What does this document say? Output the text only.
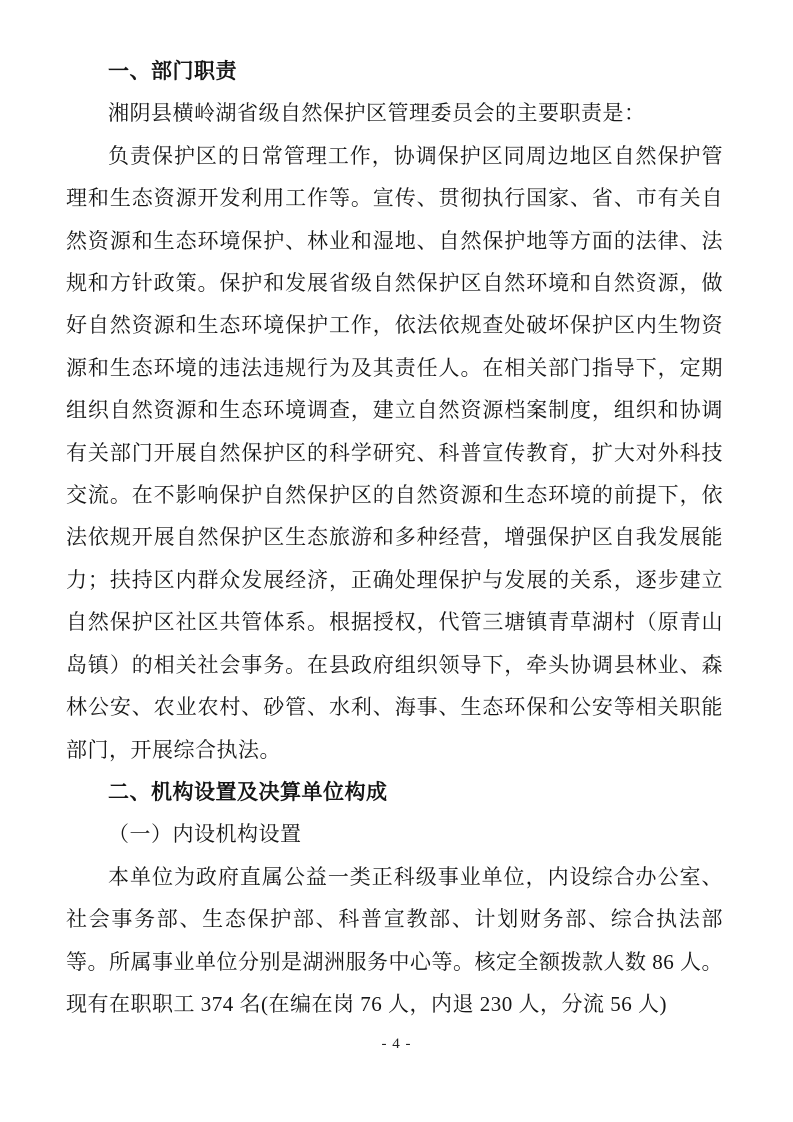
一、部门职责
湘阴县横岭湖省级自然保护区管理委员会的主要职责是：
负责保护区的日常管理工作，协调保护区同周边地区自然保护管理和生态资源开发利用工作等。宣传、贯彻执行国家、省、市有关自然资源和生态环境保护、林业和湿地、自然保护地等方面的法律、法规和方针政策。保护和发展省级自然保护区自然环境和自然资源，做好自然资源和生态环境保护工作，依法依规查处破坏保护区内生物资源和生态环境的违法违规行为及其责任人。在相关部门指导下，定期组织自然资源和生态环境调查，建立自然资源档案制度，组织和协调有关部门开展自然保护区的科学研究、科普宣传教育，扩大对外科技交流。在不影响保护自然保护区的自然资源和生态环境的前提下，依法依规开展自然保护区生态旅游和多种经营，增强保护区自我发展能力；扶持区内群众发展经济，正确处理保护与发展的关系，逐步建立自然保护区社区共管体系。根据授权，代管三塘镇青草湖村（原青山岛镇）的相关社会事务。在县政府组织领导下，牵头协调县林业、森林公安、农业农村、砂管、水利、海事、生态环保和公安等相关职能部门，开展综合执法。
二、机构设置及决算单位构成
（一）内设机构设置
本单位为政府直属公益一类正科级事业单位，内设综合办公室、社会事务部、生态保护部、科普宣教部、计划财务部、综合执法部等。所属事业单位分别是湖洲服务中心等。核定全额拨款人数 86 人。现有在职职工 374 名(在编在岗 76 人，内退 230 人，分流 56 人)
- 4 -
